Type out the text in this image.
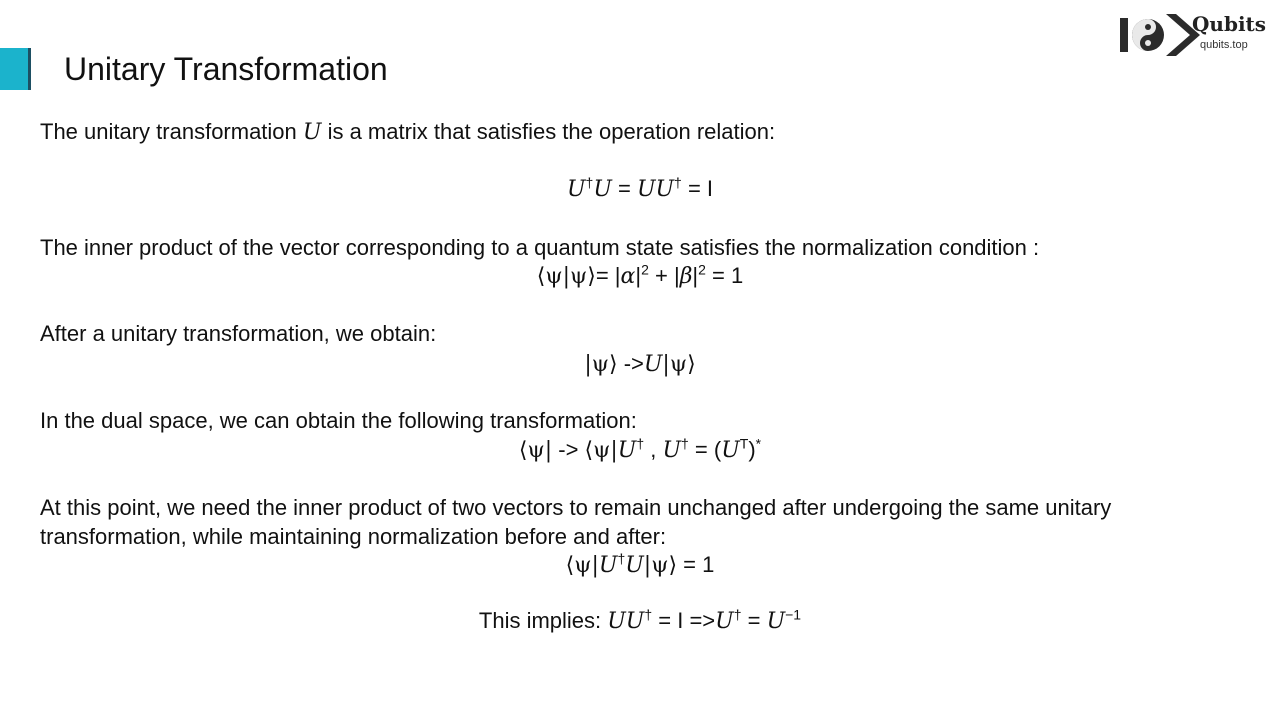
Unitary Transformation
Qubits
qubits.top
The unitary transformation U is a matrix that satisfies the operation relation:
U†U = UU† = I
The inner product of the vector corresponding to a quantum state satisfies the normalization condition :
⟨ψ|ψ⟩= $|\alpha|^2 + |\beta|^2 = 1$
After a unitary transformation, we obtain:
|ψ⟩ ->U|ψ⟩
In the dual space, we can obtain the following transformation:
⟨ψ| -> ⟨ψ|U† , $U^\dagger = (U^T)^*$
At this point, we need the inner product of two vectors to remain unchanged after undergoing the same unitary transformation, while maintaining normalization before and after:
⟨ψ|U†U|ψ⟩ = 1
This implies: $UU^\dagger = I =>U^\dagger = U^{-1}$
